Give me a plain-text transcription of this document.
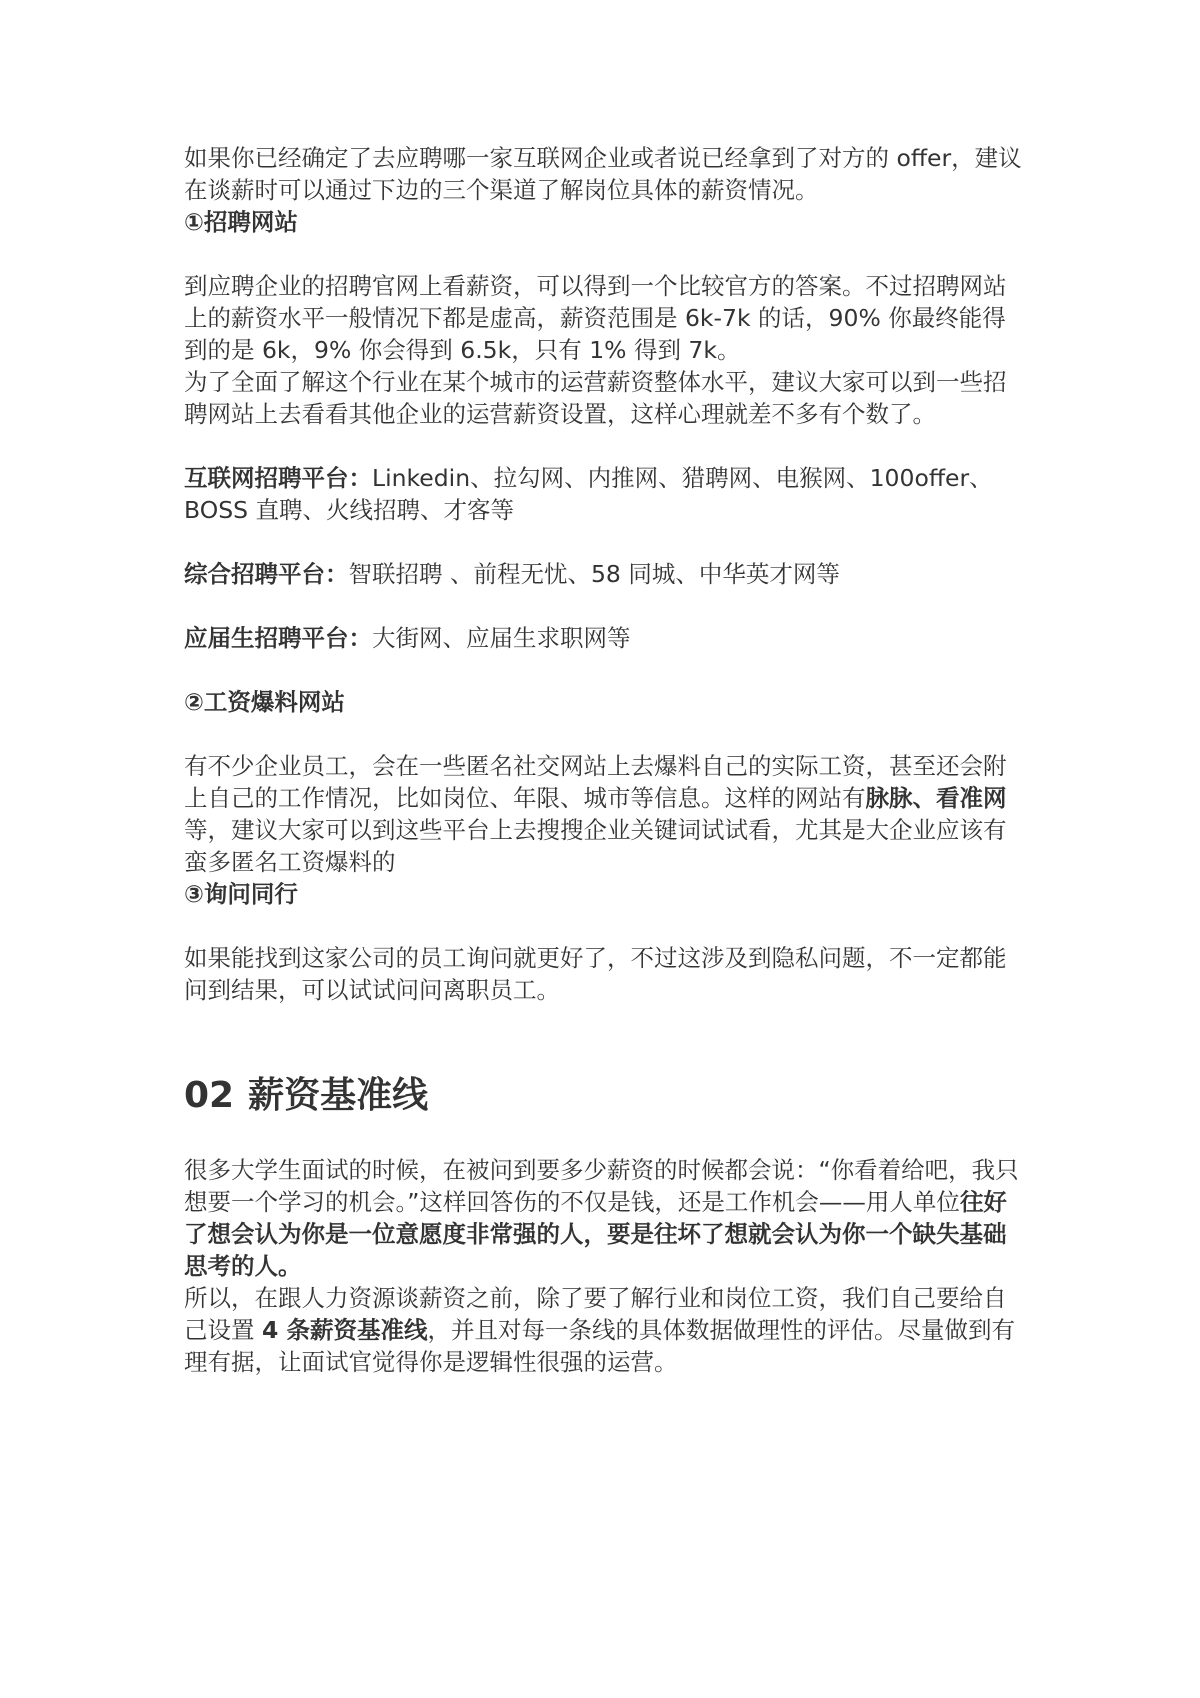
如果你已经确定了去应聘哪一家互联网企业或者说已经拿到了对方的 offer，建议在谈薪时可以通过下边的三个渠道了解岗位具体的薪资情况。

①招聘网站

到应聘企业的招聘官网上看薪资，可以得到一个比较官方的答案。不过招聘网站上的薪资水平一般情况下都是虚高，薪资范围是 6k-7k 的话，90% 你最终能得到的是 6k，9% 你会得到 6.5k，只有 1% 得到 7k。

为了全面了解这个行业在某个城市的运营薪资整体水平，建议大家可以到一些招聘网站上去看看其他企业的运营薪资设置，这样心理就差不多有个数了。

互联网招聘平台：Linkedin、拉勾网、内推网、猎聘网、电猴网、100offer、 BOSS 直聘、火线招聘、才客等

综合招聘平台：智联招聘 、前程无忧、58 同城、中华英才网等

应届生招聘平台：大街网、应届生求职网等

②工资爆料网站

有不少企业员工，会在一些匿名社交网站上去爆料自己的实际工资，甚至还会附上自己的工作情况，比如岗位、年限、城市等信息。这样的网站有脉脉、看准网等，建议大家可以到这些平台上去搜搜企业关键词试试看，尤其是大企业应该有蛮多匿名工资爆料的

③询问同行

如果能找到这家公司的员工询问就更好了，不过这涉及到隐私问题，不一定都能问到结果，可以试试问问离职员工。

02 薪资基准线

很多大学生面试的时候，在被问到要多少薪资的时候都会说：“你看着给吧，我只想要一个学习的机会。”这样回答伤的不仅是钱，还是工作机会——用人单位往好了想会认为你是一位意愿度非常强的人，要是往坏了想就会认为你一个缺失基础思考的人。

所以，在跟人力资源谈薪资之前，除了要了解行业和岗位工资，我们自己要给自己设置 4 条薪资基准线，并且对每一条线的具体数据做理性的评估。尽量做到有理有据，让面试官觉得你是逻辑性很强的运营。
